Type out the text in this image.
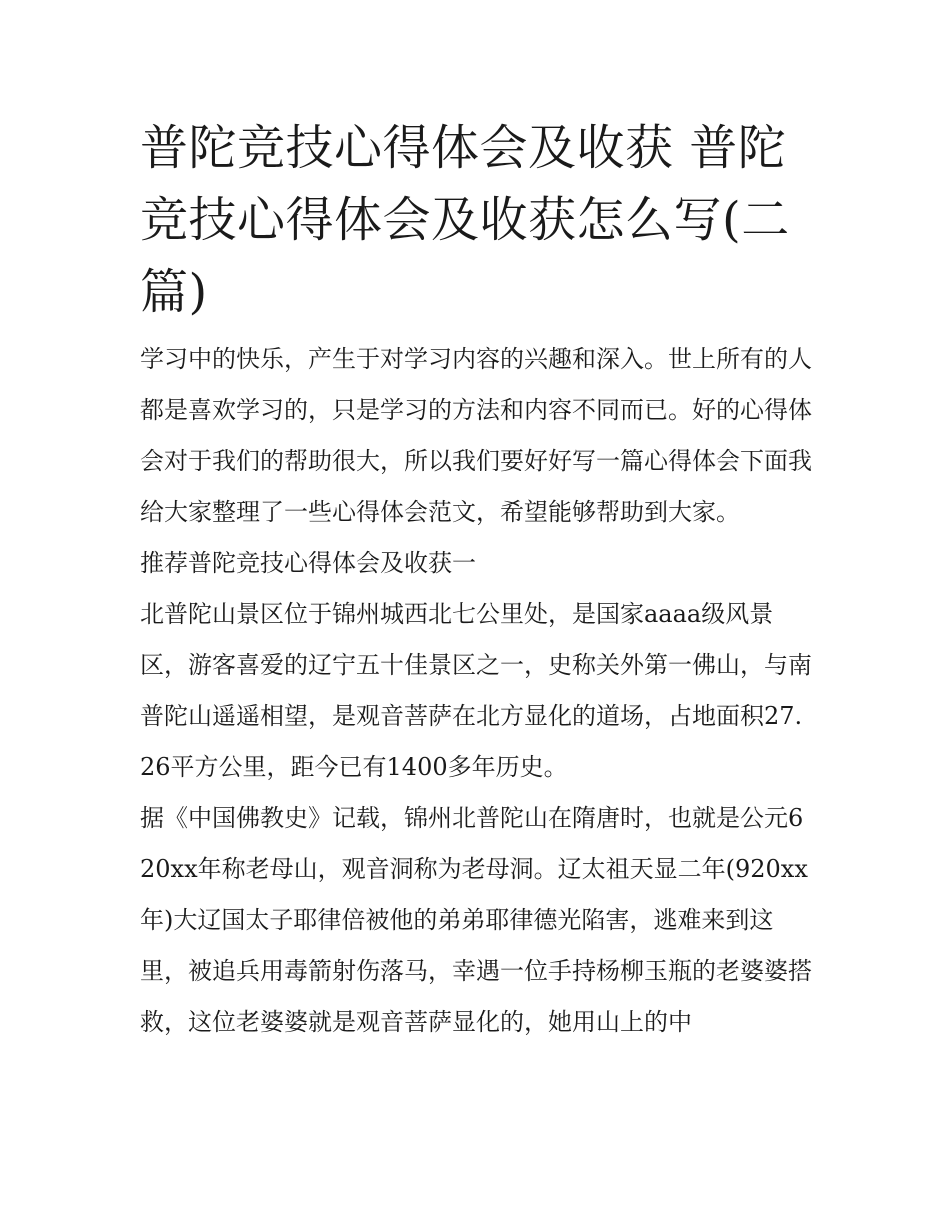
普陀竞技心得体会及收获 普陀竞技心得体会及收获怎么写(二篇)

学习中的快乐，产生于对学习内容的兴趣和深入。世上所有的人都是喜欢学习的，只是学习的方法和内容不同而已。好的心得体会对于我们的帮助很大，所以我们要好好写一篇心得体会下面我给大家整理了一些心得体会范文，希望能够帮助到大家。

推荐普陀竞技心得体会及收获一

北普陀山景区位于锦州城西北七公里处，是国家aaaa级风景区，游客喜爱的辽宁五十佳景区之一，史称关外第一佛山，与南普陀山遥遥相望，是观音菩萨在北方显化的道场，占地面积27.26平方公里，距今已有1400多年历史。

据《中国佛教史》记载，锦州北普陀山在隋唐时，也就是公元620xx年称老母山，观音洞称为老母洞。辽太祖天显二年(920xx年)大辽国太子耶律倍被他的弟弟耶律德光陷害，逃难来到这里，被追兵用毒箭射伤落马，幸遇一位手持杨柳玉瓶的老婆婆搭救，这位老婆婆就是观音菩萨显化的，她用山上的中
